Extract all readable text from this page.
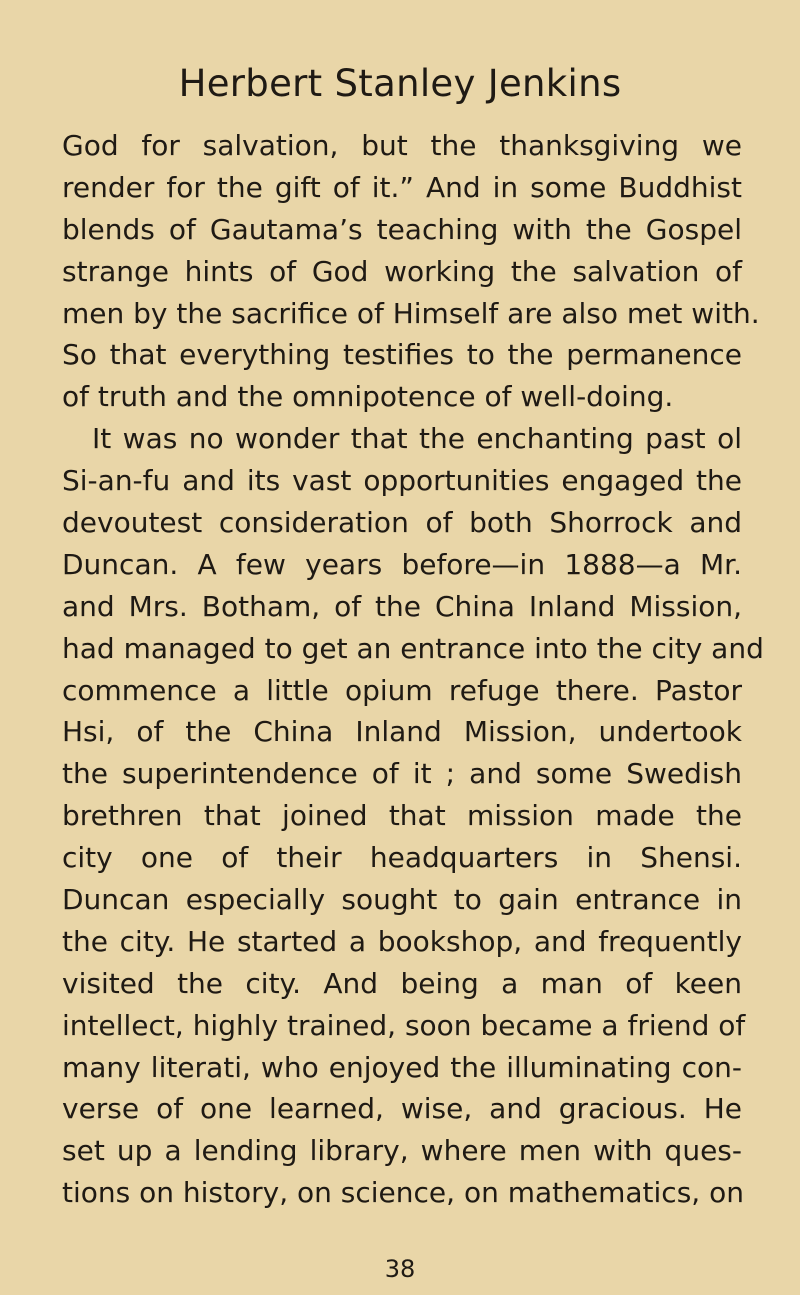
Herbert Stanley Jenkins
God for salvation, but the thanksgiving we
render for the gift of it.” And in some Buddhist
blends of Gautama’s teaching with the Gospel
strange hints of God working the salvation of
men by the sacrifice of Himself are also met with.
So that everything testifies to the permanence
of truth and the omnipotence of well-doing.
It was no wonder that the enchanting past ol
Si-an-fu and its vast opportunities engaged the
devoutest consideration of both Shorrock and
Duncan. A few years before—in 1888—a Mr.
and Mrs. Botham, of the China Inland Mission,
had managed to get an entrance into the city and
commence a little opium refuge there. Pastor
Hsi, of the China Inland Mission, undertook
the superintendence of it ; and some Swedish
brethren that joined that mission made the
city one of their headquarters in Shensi.
Duncan especially sought to gain entrance in
the city. He started a bookshop, and frequently
visited the city. And being a man of keen
intellect, highly trained, soon became a friend of
many literati, who enjoyed the illuminating con-
verse of one learned, wise, and gracious. He
set up a lending library, where men with ques-
tions on history, on science, on mathematics, on
38
